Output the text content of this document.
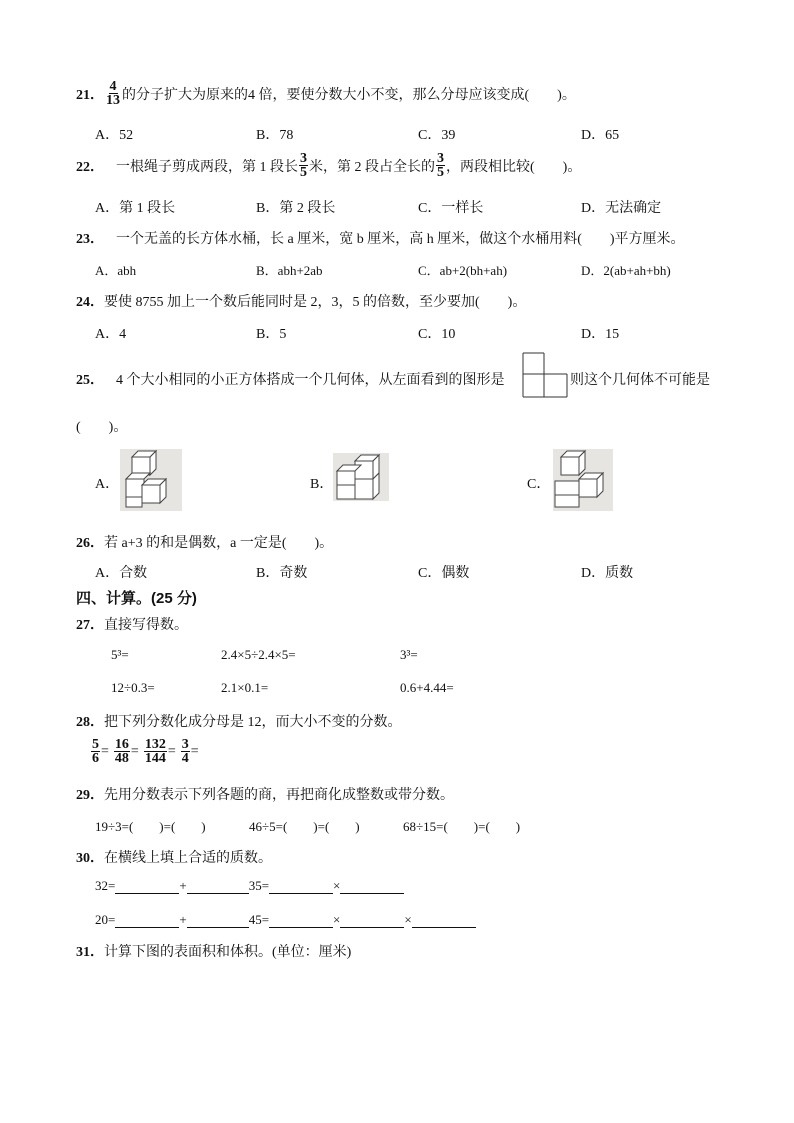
21． $\frac{4}{13}$ 的分子扩大为原来的4 倍，要使分数大小不变，那么分母应该变成(　　)。
A．52	B．78	C．39	D．65
22． 一根绳子剪成两段，第 1 段长 $\frac{3}{5}$ 米，第 2 段占全长的 $\frac{3}{5}$ ，两段相比较(　　)。
A．第 1 段长	B．第 2 段长	C．一样长	D．无法确定
23． 一个无盖的长方体水桶，长 a 厘米，宽 b 厘米，高 h 厘米，做这个水桶用料(　　)平方厘米。
A．abh	B．abh+2ab	C．ab+2(bh+ah)	D．2(ab+ah+bh)
24．要使 8755 加上一个数后能同时是 2，3，5 的倍数，至少要加(　　)。
A．4	B．5	C．10	D．15
25． 4 个大小相同的小正方体搭成一个几何体，从左面看到的图形是	则这个几何体不可能是
(　　)。
A．	B．	C．
26．若 a+3 的和是偶数，a 一定是(　　)。
A．合数	B．奇数	C．偶数	D．质数
四、计算。(25 分)
27．直接写得数。
5³=	2.4×5÷2.4×5=	3³=
12÷0.3=	2.1×0.1=	0.6+4.44=
28．把下列分数化成分母是 12，而大小不变的分数。
$\frac{5}{6} = \frac{16}{48} = \frac{132}{144} = \frac{3}{4}$ =
29．先用分数表示下列各题的商，再把商化成整数或带分数。
19÷3=(　　)=(　　)	46÷5=(　　)=(　　)	68÷15=(　　)=(　　)
30．在横线上填上合适的质数。
32=	+	35=	×
20=	+	45=	×	×
31．计算下图的表面积和体积。(单位：厘米)
